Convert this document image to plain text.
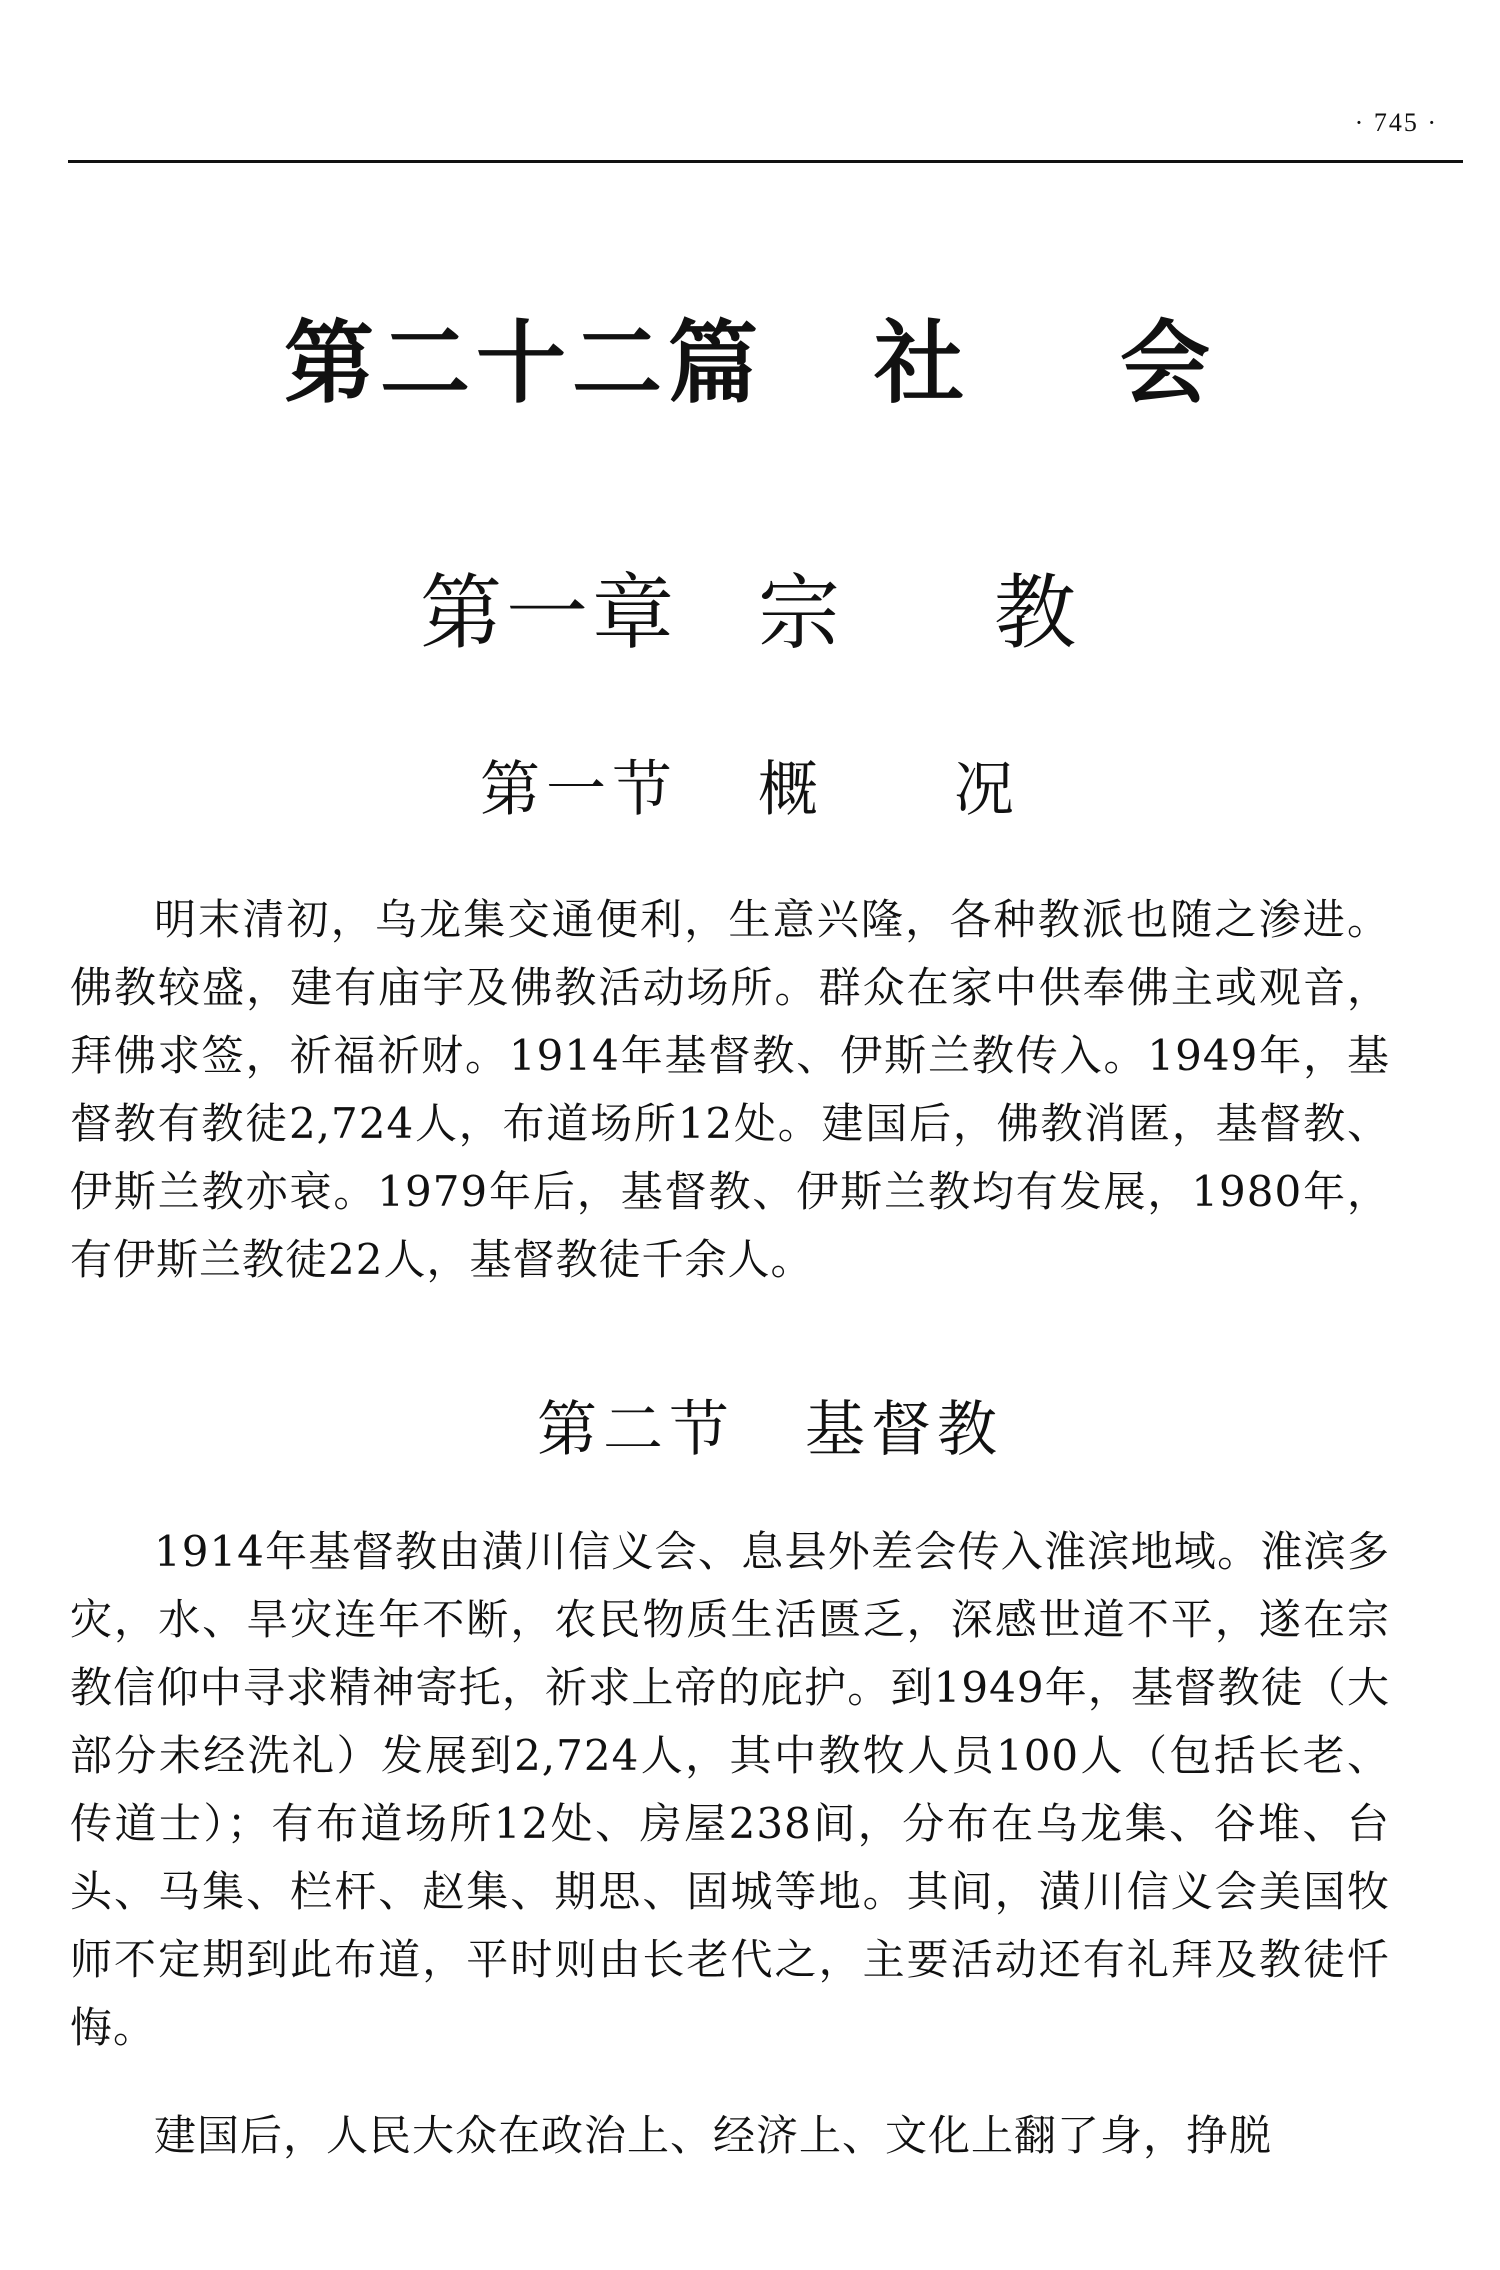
· 745 ·
第二十二篇 社 会
第一章 宗 教
第一节 概 况

明末清初，乌龙集交通便利，生意兴隆，各种教派也随之渗进。佛教较盛，建有庙宇及佛教活动场所。群众在家中供奉佛主或观音，拜佛求签，祈福祈财。1914年基督教、伊斯兰教传入。1949年，基督教有教徒2,724人，布道场所12处。建国后，佛教消匿，基督教、伊斯兰教亦衰。1979年后，基督教、伊斯兰教均有发展，1980年，有伊斯兰教徒22人，基督教徒千余人。

第二节 基督教

1914年基督教由潢川信义会、息县外差会传入淮滨地域。淮滨多灾，水、旱灾连年不断，农民物质生活匮乏，深感世道不平，遂在宗教信仰中寻求精神寄托，祈求上帝的庇护。到1949年，基督教徒（大部分未经洗礼）发展到2,724人，其中教牧人员100人（包括长老、传道士）；有布道场所12处、房屋238间，分布在乌龙集、谷堆、台头、马集、栏杆、赵集、期思、固城等地。其间，潢川信义会美国牧师不定期到此布道，平时则由长老代之，主要活动还有礼拜及教徒忏悔。

建国后，人民大众在政治上、经济上、文化上翻了身，挣脱
